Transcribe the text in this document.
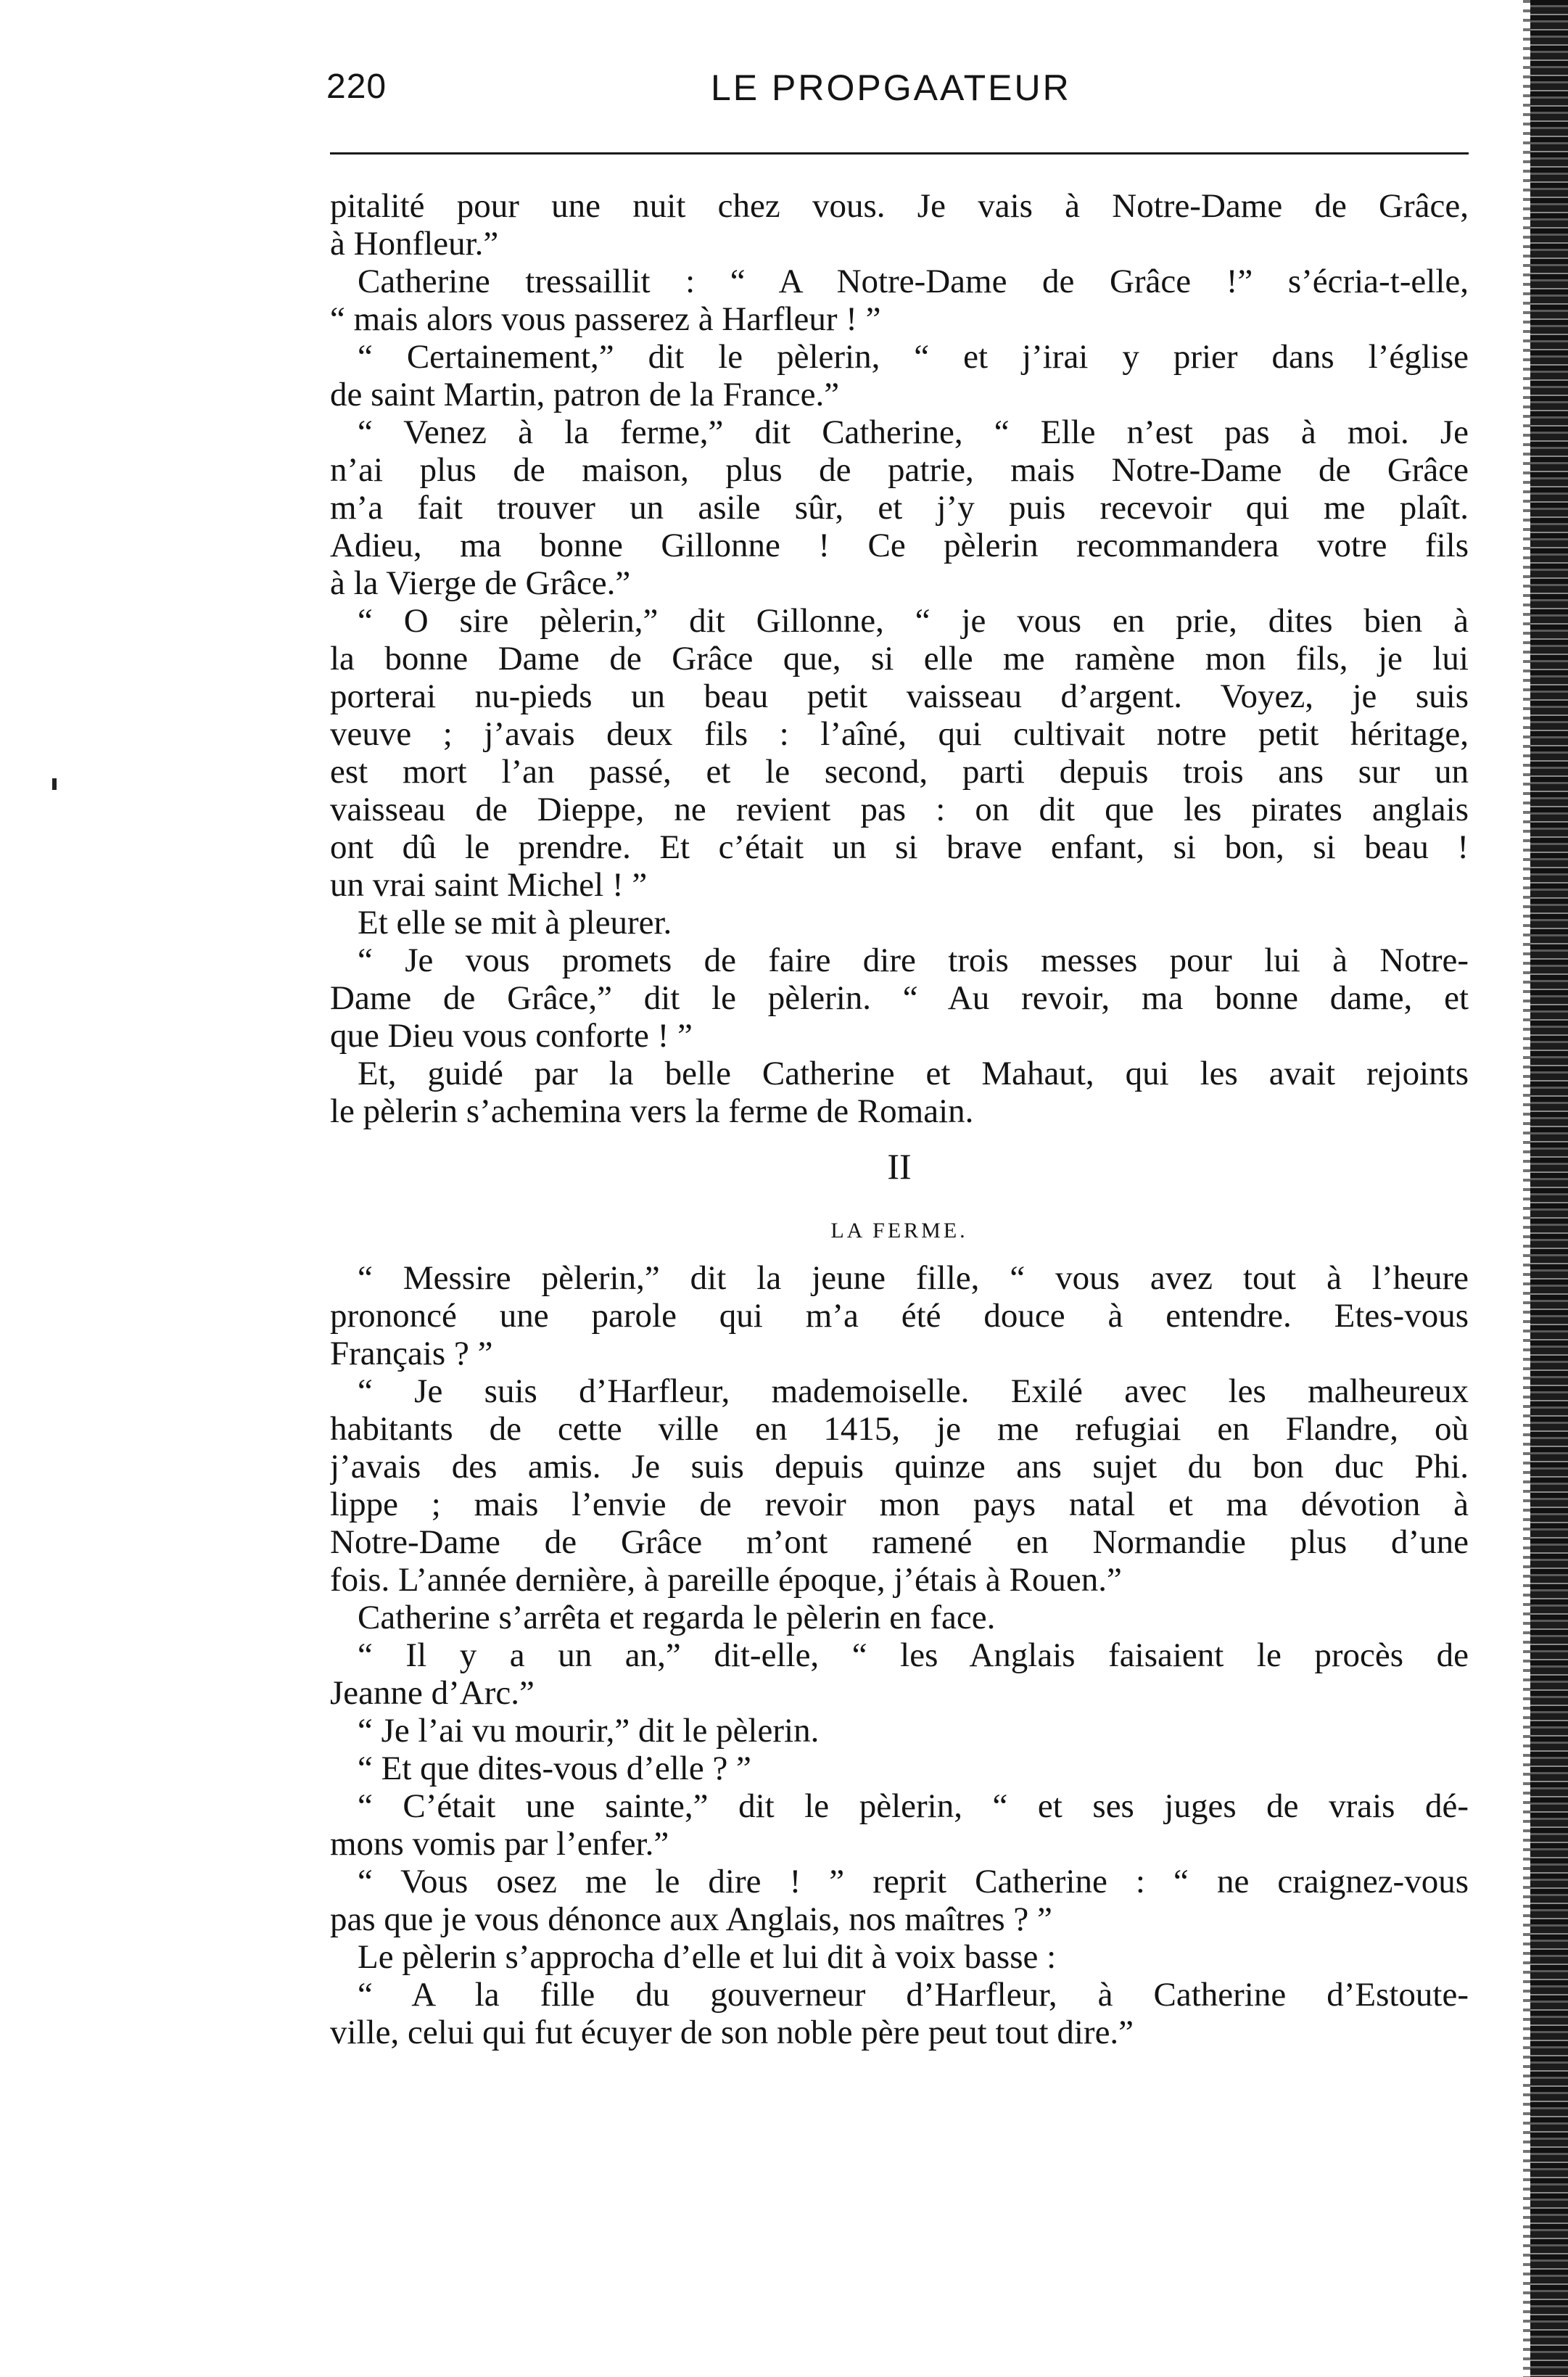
220	LE PROPGAATEUR
pitalité pour une nuit chez vous. Je vais à Notre-Dame de Grâce,
à Honfleur.”
Catherine tressaillit : “ A Notre-Dame de Grâce !” s’écria-t-elle,
“ mais alors vous passerez à Harfleur ! ”
“ Certainement,” dit le pèlerin, “ et j’irai y prier dans l’église
de saint Martin, patron de la France.”
“ Venez à la ferme,” dit Catherine, “ Elle n’est pas à moi. Je
n’ai plus de maison, plus de patrie, mais Notre-Dame de Grâce
m’a fait trouver un asile sûr, et j’y puis recevoir qui me plaît.
Adieu, ma bonne Gillonne ! Ce pèlerin recommandera votre fils
à la Vierge de Grâce.”
“ O sire pèlerin,” dit Gillonne, “ je vous en prie, dites bien à
la bonne Dame de Grâce que, si elle me ramène mon fils, je lui
porterai nu-pieds un beau petit vaisseau d’argent. Voyez, je suis
veuve ; j’avais deux fils : l’aîné, qui cultivait notre petit héritage,
est mort l’an passé, et le second, parti depuis trois ans sur un
vaisseau de Dieppe, ne revient pas : on dit que les pirates anglais
ont dû le prendre. Et c’était un si brave enfant, si bon, si beau !
un vrai saint Michel ! ”
Et elle se mit à pleurer.
“ Je vous promets de faire dire trois messes pour lui à Notre-
Dame de Grâce,” dit le pèlerin. “ Au revoir, ma bonne dame, et
que Dieu vous conforte ! ”
Et, guidé par la belle Catherine et Mahaut, qui les avait rejoints
le pèlerin s’achemina vers la ferme de Romain.
II
LA FERME.
“ Messire pèlerin,” dit la jeune fille, “ vous avez tout à l’heure
prononcé une parole qui m’a été douce à entendre. Etes-vous
Français ? ”
“ Je suis d’Harfleur, mademoiselle. Exilé avec les malheureux
habitants de cette ville en 1415, je me refugiai en Flandre, où
j’avais des amis. Je suis depuis quinze ans sujet du bon duc Phi.
lippe ; mais l’envie de revoir mon pays natal et ma dévotion à
Notre-Dame de Grâce m’ont ramené en Normandie plus d’une
fois. L’année dernière, à pareille époque, j’étais à Rouen.”
Catherine s’arrêta et regarda le pèlerin en face.
“ Il y a un an,” dit-elle, “ les Anglais faisaient le procès de
Jeanne d’Arc.”
“ Je l’ai vu mourir,” dit le pèlerin.
“ Et que dites-vous d’elle ? ”
“ C’était une sainte,” dit le pèlerin, “ et ses juges de vrais dé-
mons vomis par l’enfer.”
“ Vous osez me le dire ! ” reprit Catherine : “ ne craignez-vous
pas que je vous dénonce aux Anglais, nos maîtres ? ”
Le pèlerin s’approcha d’elle et lui dit à voix basse :
“ A la fille du gouverneur d’Harfleur, à Catherine d’Estoute-
ville, celui qui fut écuyer de son noble père peut tout dire.”
